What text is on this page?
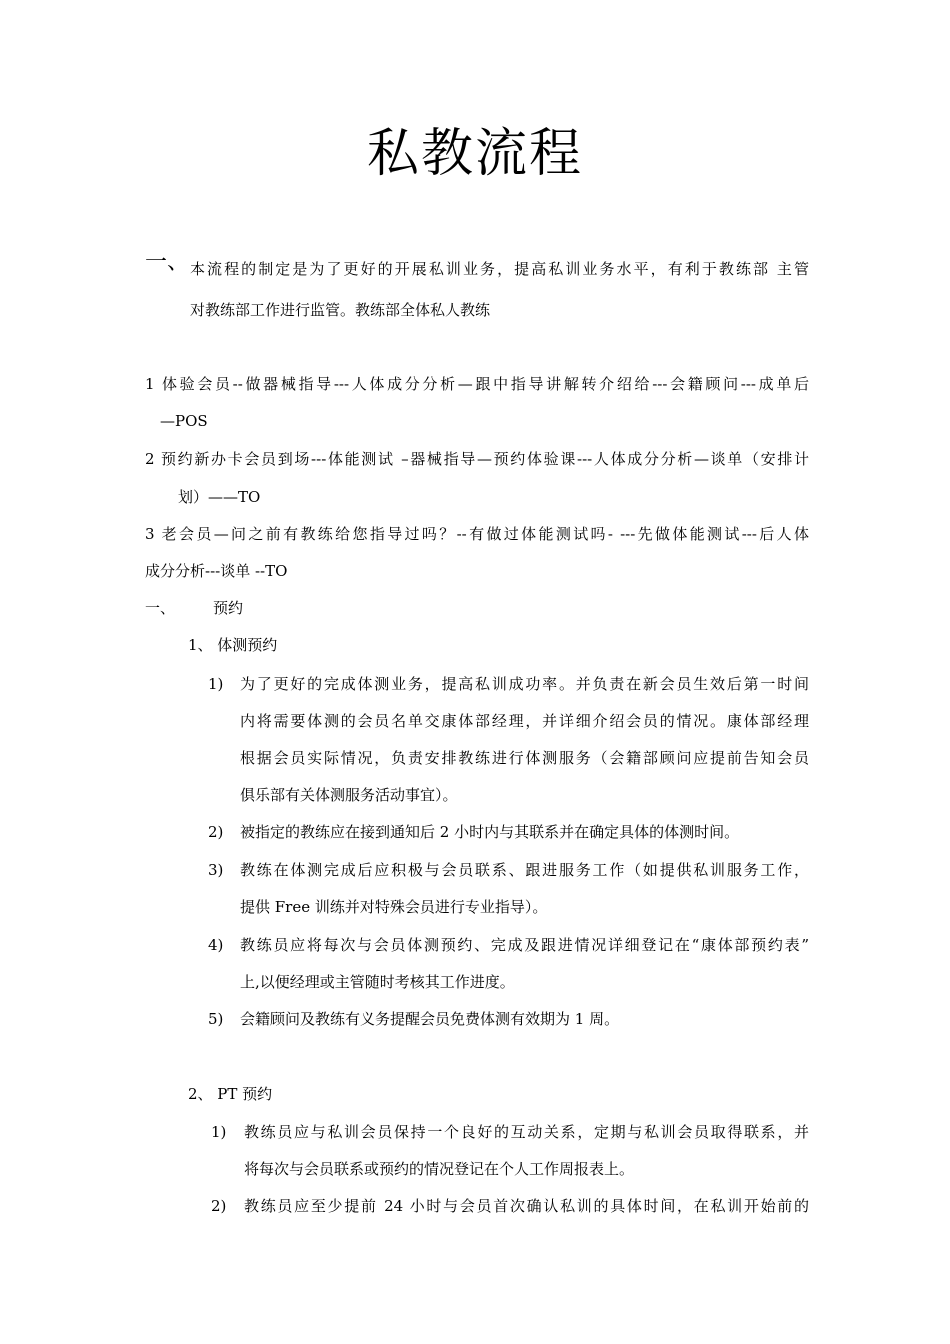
私教流程
一、 本流程的制定是为了更好的开展私训业务，提高私训业务水平，有利于教练部 主管
对教练部工作进行监管。教练部全体私人教练
1 体验会员--做器械指导---人体成分分析—跟中指导讲解转介绍给---会籍顾问---成单后
—POS
2 预约新办卡会员到场---体能测试 –器械指导—预约体验课---人体成分分析—谈单（安排计
划）——TO
3 老会员—问之前有教练给您指导过吗？--有做过体能测试吗- ---先做体能测试---后人体
成分分析---谈单 --TO
一、	预约
1、 体测预约
1) 为了更好的完成体测业务，提高私训成功率。并负责在新会员生效后第一时间
内将需要体测的会员名单交康体部经理，并详细介绍会员的情况。康体部经理
根据会员实际情况，负责安排教练进行体测服务（会籍部顾问应提前告知会员
俱乐部有关体测服务活动事宜）。
2) 被指定的教练应在接到通知后 2 小时内与其联系并在确定具体的体测时间。
3) 教练在体测完成后应积极与会员联系、跟进服务工作（如提供私训服务工作，
提供 Free 训练并对特殊会员进行专业指导）。
4) 教练员应将每次与会员体测预约、完成及跟进情况详细登记在“康体部预约表”
上,以便经理或主管随时考核其工作进度。
5) 会籍顾问及教练有义务提醒会员免费体测有效期为 1 周。
2、 PT 预约
1) 教练员应与私训会员保持一个良好的互动关系，定期与私训会员取得联系，并
将每次与会员联系或预约的情况登记在个人工作周报表上。
2) 教练员应至少提前 24 小时与会员首次确认私训的具体时间，在私训开始前的
